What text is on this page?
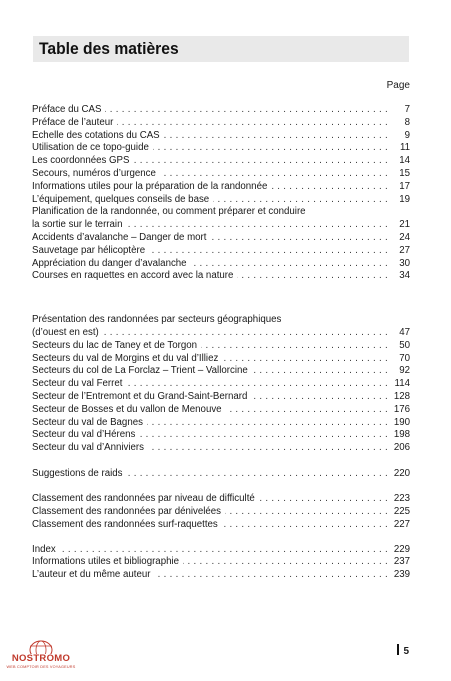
Table des matières
Page
. . .
Préface du CAS	7
. . .
Préface de l’auteur	8
. . .
Echelle des cotations du CAS	9
. . .
Utilisation de ce topo-guide	11
. . .
Les coordonnées GPS	14
. . .
Secours, numéros d’urgence	15
. . .
Informations utiles pour la préparation de la randonnée	17
. . .
L’équipement, quelques conseils de base	19
Planification de la randonnée, ou comment préparer et conduire
. . .
la sortie sur le terrain	21
. . .
Accidents d’avalanche – Danger de mort	24
. . .
Sauvetage par hélicoptère	27
. . .
Appréciation du danger d’avalanche	30
. . .
Courses en raquettes en accord avec la nature	34
Présentation des randonnées par secteurs géographiques
. . .
(d’ouest en est)	47
. . .
Secteurs du lac de Taney et de Torgon	50
. . .
Secteurs du val de Morgins et du val d’Illiez	70
. . .
Secteurs du col de La Forclaz – Trient – Vallorcine	92
. . .
Secteur du val Ferret	114
. . .
Secteur de l’Entremont et du Grand-Saint-Bernard	128
. . .
Secteur de Bosses et du vallon de Menouve	176
. . .
Secteur du val de Bagnes	190
. . .
Secteur du val d’Hérens	198
. . .
Secteur du val d’Anniviers	206
. . .
Suggestions de raids	220
. . .
Classement des randonnées par niveau de difficulté	223
. . .
Classement des randonnées par dénivelées	225
. . .
Classement des randonnées surf-raquettes	227
. . .
Index	229
. . .
Informations utiles et bibliographie	237
. . .
L’auteur et du même auteur	239
5
NOSTROMO
WEB COMPTOIR DES VOYAGEURS
